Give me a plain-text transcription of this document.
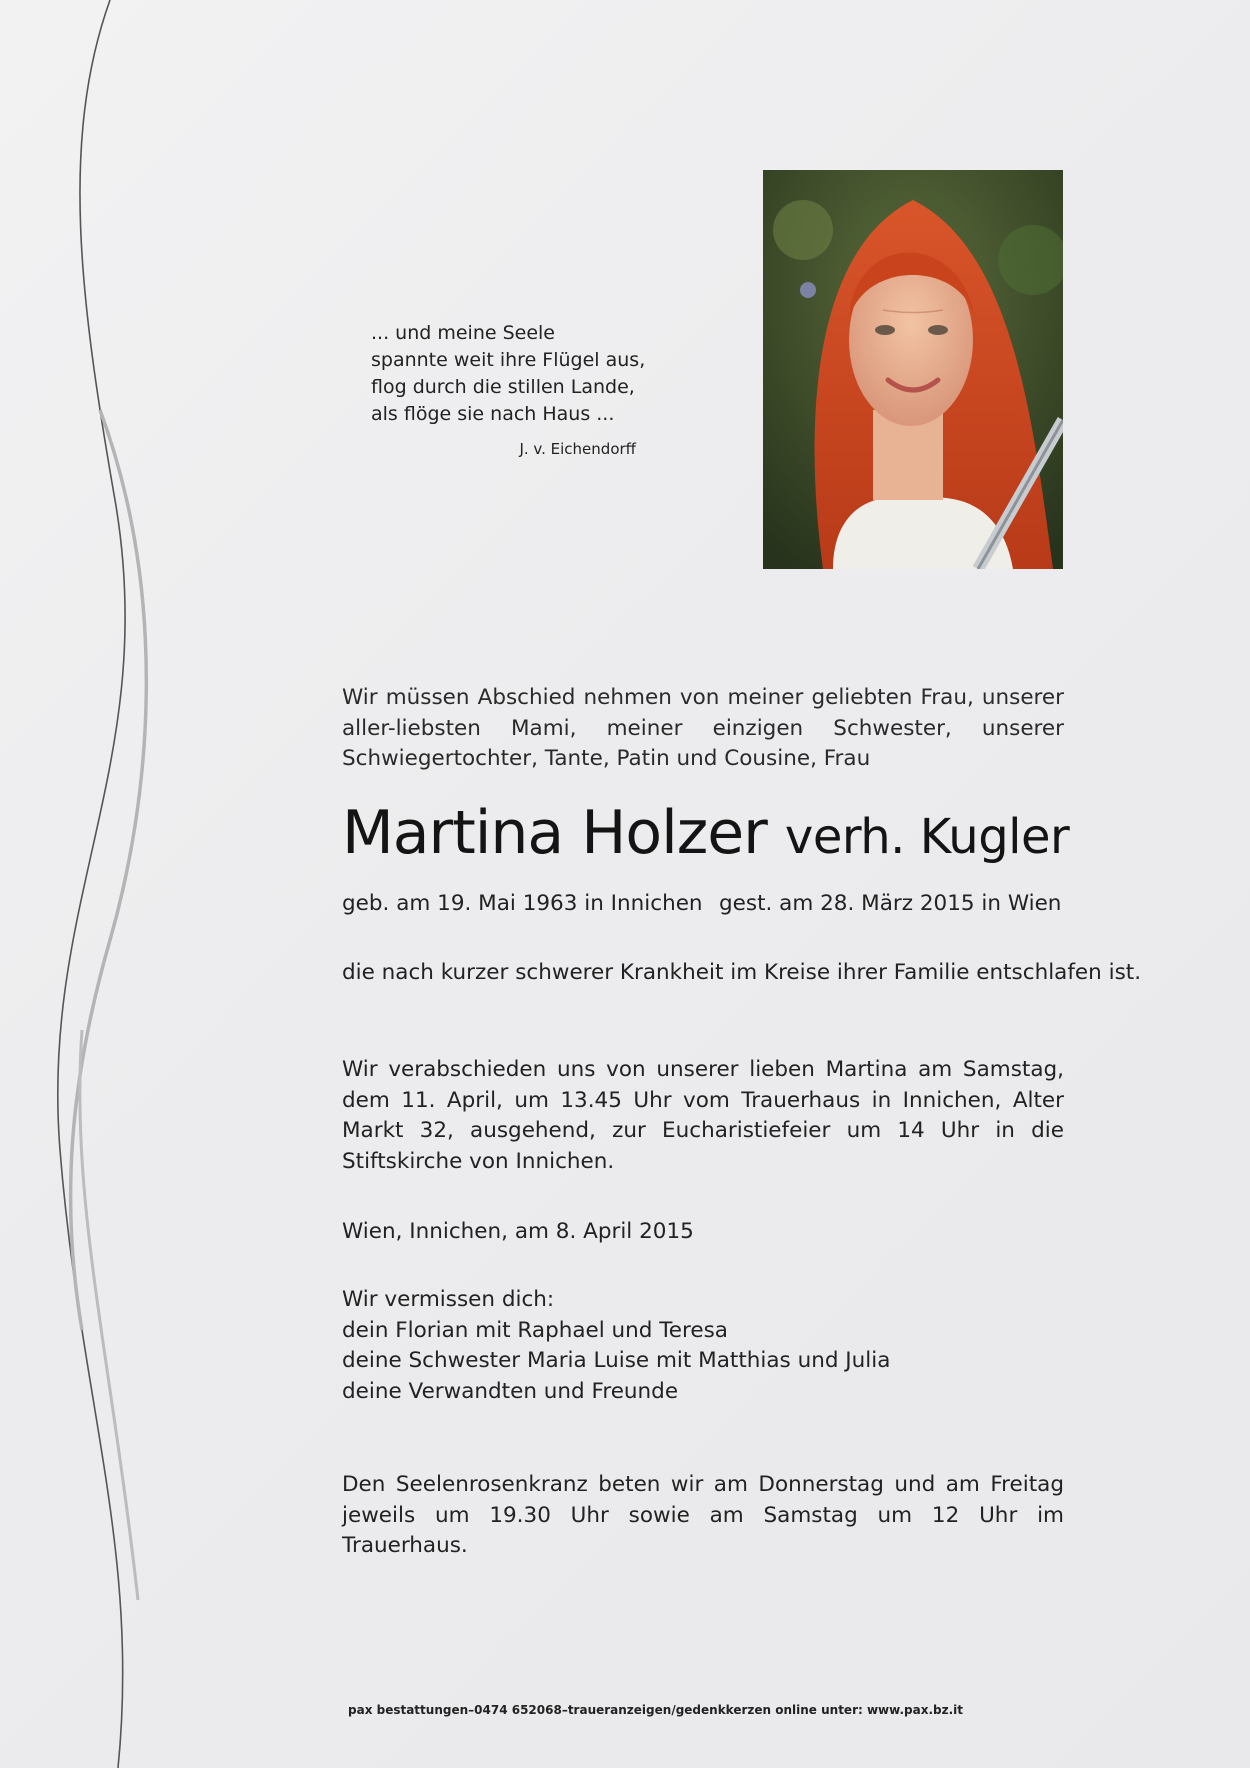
... und meine Seele
spannte weit ihre Flügel aus,
flog durch die stillen Lande,
als flöge sie nach Haus ...
J. v. Eichendorff
Wir müssen Abschied nehmen von meiner geliebten Frau, unserer aller-liebsten Mami, meiner einzigen Schwester, unserer Schwiegertochter, Tante, Patin und Cousine, Frau
Martina Holzer verh. Kugler
geb. am 19. Mai 1963 in Innichen gest. am 28. März 2015 in Wien
die nach kurzer schwerer Krankheit im Kreise ihrer Familie entschlafen ist.
Wir verabschieden uns von unserer lieben Martina am Samstag, dem 11. April, um 13.45 Uhr vom Trauerhaus in Innichen, Alter Markt 32, ausgehend, zur Eucharistiefeier um 14 Uhr in die Stiftskirche von Innichen.
Wien, Innichen, am 8. April 2015
Wir vermissen dich:
dein Florian mit Raphael und Teresa
deine Schwester Maria Luise mit Matthias und Julia
deine Verwandten und Freunde
Den Seelenrosenkranz beten wir am Donnerstag und am Freitag jeweils um 19.30 Uhr sowie am Samstag um 12 Uhr im Trauerhaus.
pax bestattungen–0474 652068–traueranzeigen/gedenkkerzen online unter: www.pax.bz.it
